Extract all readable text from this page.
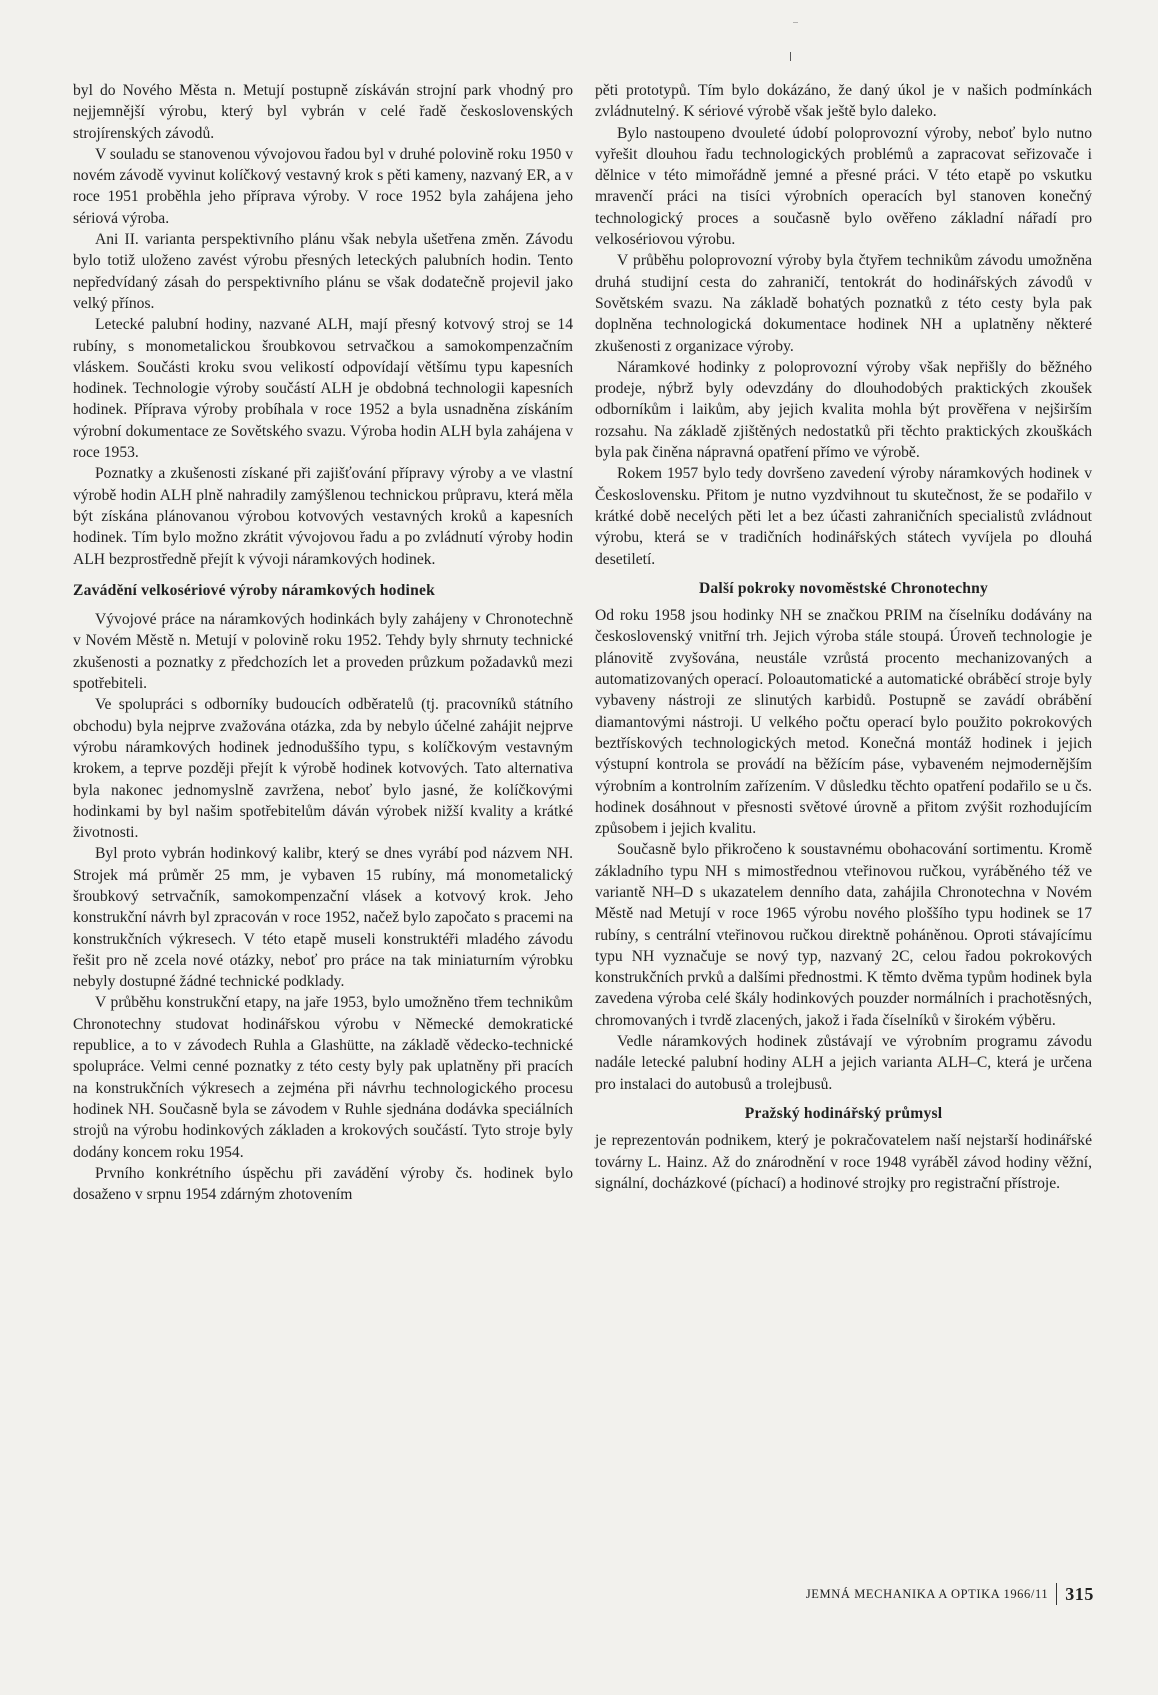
byl do Nového Města n. Metují postupně získáván strojní park vhodný pro nejjemnější výrobu, který byl vybrán v celé řadě československých strojírenských závodů.

V souladu se stanovenou vývojovou řadou byl v druhé polovině roku 1950 v novém závodě vyvinut kolíčkový vestavný krok s pěti kameny, nazvaný ER, a v roce 1951 proběhla jeho příprava výroby. V roce 1952 byla zahájena jeho sériová výroba.

Ani II. varianta perspektivního plánu však nebyla ušetřena změn. Závodu bylo totiž uloženo zavést výrobu přesných leteckých palubních hodin. Tento nepředvídaný zásah do perspektivního plánu se však dodatečně projevil jako velký přínos.

Letecké palubní hodiny, nazvané ALH, mají přesný kotvový stroj se 14 rubíny, s monometalickou šroubkovou setrvačkou a samokompenzačním vláskem. Součásti kroku svou velikostí odpovídají většímu typu kapesních hodinek. Technologie výroby součástí ALH je obdobná technologii kapesních hodinek. Příprava výroby probíhala v roce 1952 a byla usnadněna získáním výrobní dokumentace ze Sovětského svazu. Výroba hodin ALH byla zahájena v roce 1953.

Poznatky a zkušenosti získané při zajišťování přípravy výroby a ve vlastní výrobě hodin ALH plně nahradily zamýšlenou technickou průpravu, která měla být získána plánovanou výrobou kotvových vestavných kroků a kapesních hodinek. Tím bylo možno zkrátit vývojovou řadu a po zvládnutí výroby hodin ALH bezprostředně přejít k vývoji náramkových hodinek.

Zavádění velkosériové výroby náramkových hodinek

Vývojové práce na náramkových hodinkách byly zahájeny v Chronotechně v Novém Městě n. Metují v polovině roku 1952. Tehdy byly shrnuty technické zkušenosti a poznatky z předchozích let a proveden průzkum požadavků mezi spotřebiteli.

Ve spolupráci s odborníky budoucích odběratelů (tj. pracovníků státního obchodu) byla nejprve zvažována otázka, zda by nebylo účelné zahájit nejprve výrobu náramkových hodinek jednoduššího typu, s kolíčkovým vestavným krokem, a teprve později přejít k výrobě hodinek kotvových. Tato alternativa byla nakonec jednomyslně zavržena, neboť bylo jasné, že kolíčkovými hodinkami by byl našim spotřebitelům dáván výrobek nižší kvality a krátké životnosti.

Byl proto vybrán hodinkový kalibr, který se dnes vyrábí pod názvem NH. Strojek má průměr 25 mm, je vybaven 15 rubíny, má monometalický šroubkový setrvačník, samokompenzační vlásek a kotvový krok. Jeho konstrukční návrh byl zpracován v roce 1952, načež bylo započato s pracemi na konstrukčních výkresech. V této etapě museli konstruktéři mladého závodu řešit pro ně zcela nové otázky, neboť pro práce na tak miniaturním výrobku nebyly dostupné žádné technické podklady.

V průběhu konstrukční etapy, na jaře 1953, bylo umožněno třem technikům Chronotechny studovat hodinářskou výrobu v Německé demokratické republice, a to v závodech Ruhla a Glashütte, na základě vědecko-technické spolupráce. Velmi cenné poznatky z této cesty byly pak uplatněny při pracích na konstrukčních výkresech a zejména při návrhu technologického procesu hodinek NH. Současně byla se závodem v Ruhle sjednána dodávka speciálních strojů na výrobu hodinkových základen a krokových součástí. Tyto stroje byly dodány koncem roku 1954.

Prvního konkrétního úspěchu při zavádění výroby čs. hodinek bylo dosaženo v srpnu 1954 zdárným zhotovením

pěti prototypů. Tím bylo dokázáno, že daný úkol je v našich podmínkách zvládnutelný. K sériové výrobě však ještě bylo daleko.

Bylo nastoupeno dvouleté údobí poloprovozní výroby, neboť bylo nutno vyřešit dlouhou řadu technologických problémů a zapracovat seřizovače i dělnice v této mimořádně jemné a přesné práci. V této etapě po vskutku mravenčí práci na tisíci výrobních operacích byl stanoven konečný technologický proces a současně bylo ověřeno základní nářadí pro velkosériovou výrobu.

V průběhu poloprovozní výroby byla čtyřem technikům závodu umožněna druhá studijní cesta do zahraničí, tentokrát do hodinářských závodů v Sovětském svazu. Na základě bohatých poznatků z této cesty byla pak doplněna technologická dokumentace hodinek NH a uplatněny některé zkušenosti z organizace výroby.

Náramkové hodinky z poloprovozní výroby však nepřišly do běžného prodeje, nýbrž byly odevzdány do dlouhodobých praktických zkoušek odborníkům i laikům, aby jejich kvalita mohla být prověřena v nejširším rozsahu. Na základě zjištěných nedostatků při těchto praktických zkouškách byla pak činěna nápravná opatření přímo ve výrobě.

Rokem 1957 bylo tedy dovršeno zavedení výroby náramkových hodinek v Československu. Přitom je nutno vyzdvihnout tu skutečnost, že se podařilo v krátké době necelých pěti let a bez účasti zahraničních specialistů zvládnout výrobu, která se v tradičních hodinářských státech vyvíjela po dlouhá desetiletí.

Další pokroky novoměstské Chronotechny

Od roku 1958 jsou hodinky NH se značkou PRIM na číselníku dodávány na československý vnitřní trh. Jejich výroba stále stoupá. Úroveň technologie je plánovitě zvyšována, neustále vzrůstá procento mechanizovaných a automatizovaných operací. Poloautomatické a automatické obráběcí stroje byly vybaveny nástroji ze slinutých karbidů. Postupně se zavádí obrábění diamantovými nástroji. U velkého počtu operací bylo použito pokrokových beztřískových technologických metod. Konečná montáž hodinek i jejich výstupní kontrola se provádí na běžícím páse, vybaveném nejmodernějším výrobním a kontrolním zařízením. V důsledku těchto opatření podařilo se u čs. hodinek dosáhnout v přesnosti světové úrovně a přitom zvýšit rozhodujícím způsobem i jejich kvalitu.

Současně bylo přikročeno k soustavnému obohacování sortimentu. Kromě základního typu NH s mimostřednou vteřinovou ručkou, vyráběného též ve variantě NH–D s ukazatelem denního data, zahájila Chronotechna v Novém Městě nad Metují v roce 1965 výrobu nového ploššího typu hodinek se 17 rubíny, s centrální vteřinovou ručkou direktně poháněnou. Oproti stávajícímu typu NH vyznačuje se nový typ, nazvaný 2C, celou řadou pokrokových konstrukčních prvků a dalšími přednostmi. K těmto dvěma typům hodinek byla zavedena výroba celé škály hodinkových pouzder normálních i prachotěsných, chromovaných i tvrdě zlacených, jakož i řada číselníků v širokém výběru.

Vedle náramkových hodinek zůstávají ve výrobním programu závodu nadále letecké palubní hodiny ALH a jejich varianta ALH–C, která je určena pro instalaci do autobusů a trolejbusů.

Pražský hodinářský průmysl

je reprezentován podnikem, který je pokračovatelem naší nejstarší hodinářské továrny L. Hainz. Až do znárodnění v roce 1948 vyráběl závod hodiny věžní, signální, docházkové (píchací) a hodinové strojky pro registrační přístroje.

JEMNÁ MECHANIKA A OPTIKA 1966/11 315
